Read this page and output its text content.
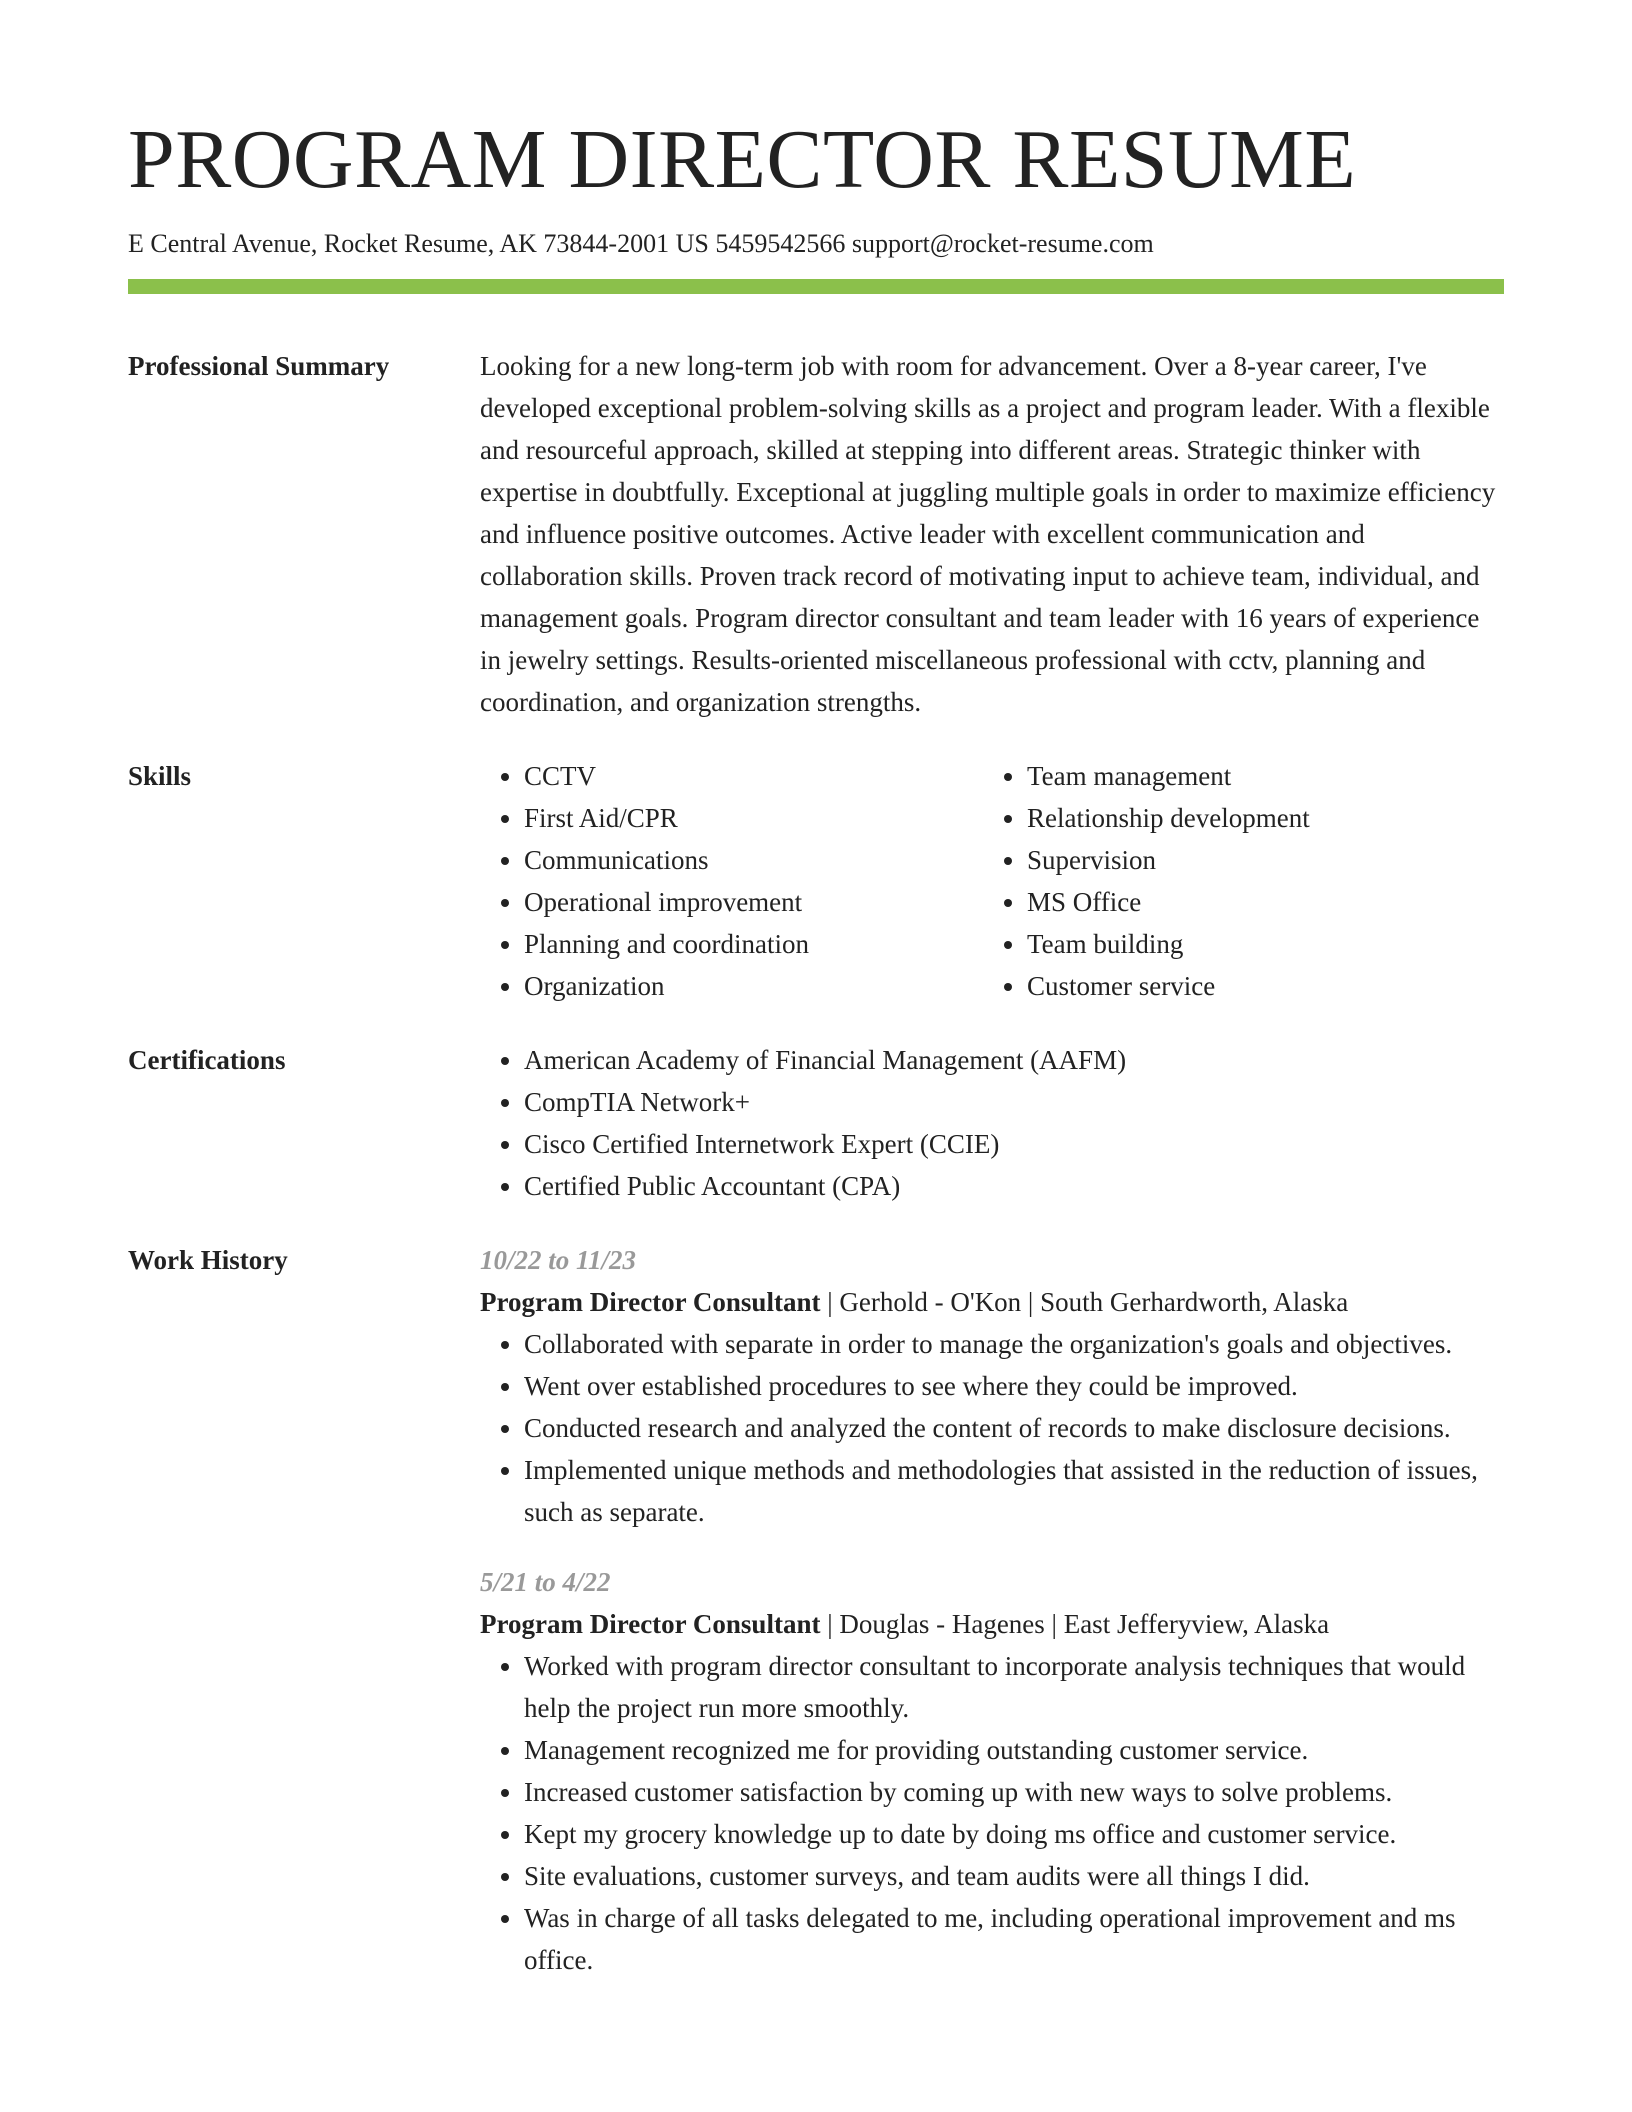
PROGRAM DIRECTOR RESUME
E Central Avenue, Rocket Resume, AK 73844-2001 US 5459542566 support@rocket-resume.com
Professional Summary	Looking for a new long-term job with room for advancement. Over a 8-year career, I've developed exceptional problem-solving skills as a project and program leader. With a flexible and resourceful approach, skilled at stepping into different areas. Strategic thinker with expertise in doubtfully. Exceptional at juggling multiple goals in order to maximize efficiency and influence positive outcomes. Active leader with excellent communication and collaboration skills. Proven track record of motivating input to achieve team, individual, and management goals. Program director consultant and team leader with 16 years of experience in jewelry settings. Results-oriented miscellaneous professional with cctv, planning and coordination, and organization strengths.

Skills	• CCTV
• First Aid/CPR
• Communications
• Operational improvement
• Planning and coordination
• Organization
• Team management
• Relationship development
• Supervision
• MS Office
• Team building
• Customer service
Certifications	• American Academy of Financial Management (AAFM)
• CompTIA Network+
• Cisco Certified Internetwork Expert (CCIE)
• Certified Public Accountant (CPA)
Work History	10/22 to 11/23
Program Director Consultant | Gerhold - O'Kon | South Gerhardworth, Alaska
• Collaborated with separate in order to manage the organization's goals and objectives.
• Went over established procedures to see where they could be improved.
• Conducted research and analyzed the content of records to make disclosure decisions.
• Implemented unique methods and methodologies that assisted in the reduction of issues, such as separate.
5/21 to 4/22
Program Director Consultant | Douglas - Hagenes | East Jefferyview, Alaska
• Worked with program director consultant to incorporate analysis techniques that would help the project run more smoothly.
• Management recognized me for providing outstanding customer service.
• Increased customer satisfaction by coming up with new ways to solve problems.
• Kept my grocery knowledge up to date by doing ms office and customer service.
• Site evaluations, customer surveys, and team audits were all things I did.
• Was in charge of all tasks delegated to me, including operational improvement and ms office.
